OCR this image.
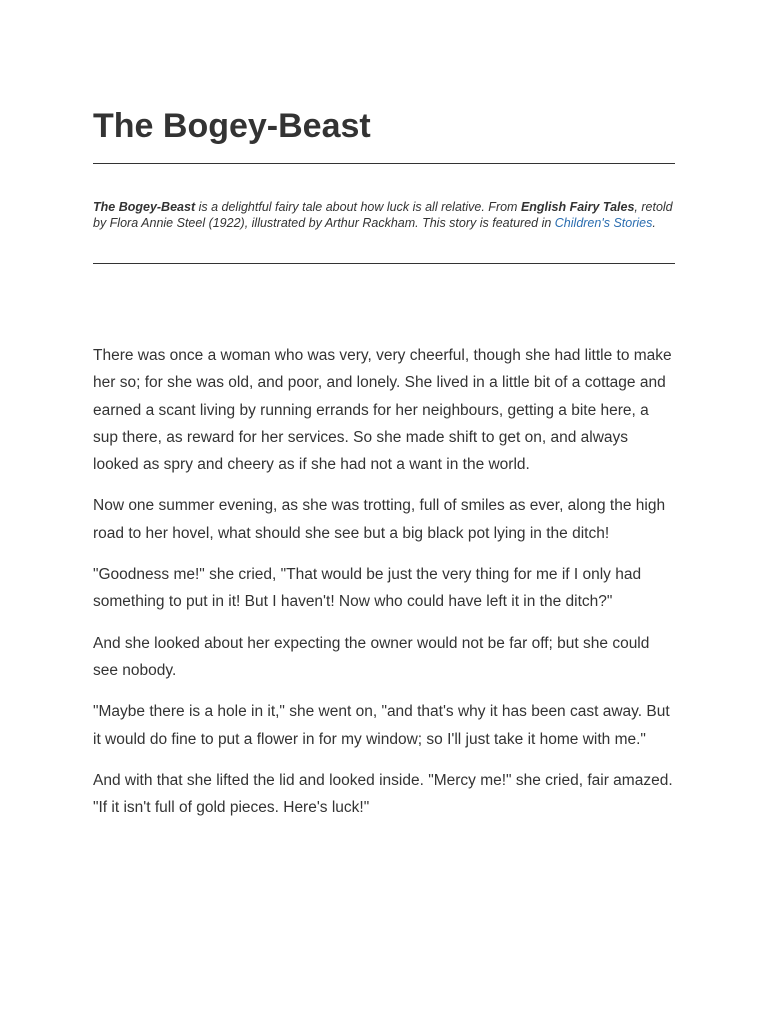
The Bogey-Beast

The Bogey-Beast is a delightful fairy tale about how luck is all relative. From English Fairy Tales, retold by Flora Annie Steel (1922), illustrated by Arthur Rackham. This story is featured in Children's Stories.

There was once a woman who was very, very cheerful, though she had little to make her so; for she was old, and poor, and lonely. She lived in a little bit of a cottage and earned a scant living by running errands for her neighbours, getting a bite here, a sup there, as reward for her services. So she made shift to get on, and always looked as spry and cheery as if she had not a want in the world.

Now one summer evening, as she was trotting, full of smiles as ever, along the high road to her hovel, what should she see but a big black pot lying in the ditch!

"Goodness me!" she cried, "That would be just the very thing for me if I only had something to put in it! But I haven't! Now who could have left it in the ditch?"

And she looked about her expecting the owner would not be far off; but she could see nobody.

"Maybe there is a hole in it," she went on, "and that's why it has been cast away. But it would do fine to put a flower in for my window; so I'll just take it home with me."

And with that she lifted the lid and looked inside. "Mercy me!" she cried, fair amazed. "If it isn't full of gold pieces. Here's luck!"
